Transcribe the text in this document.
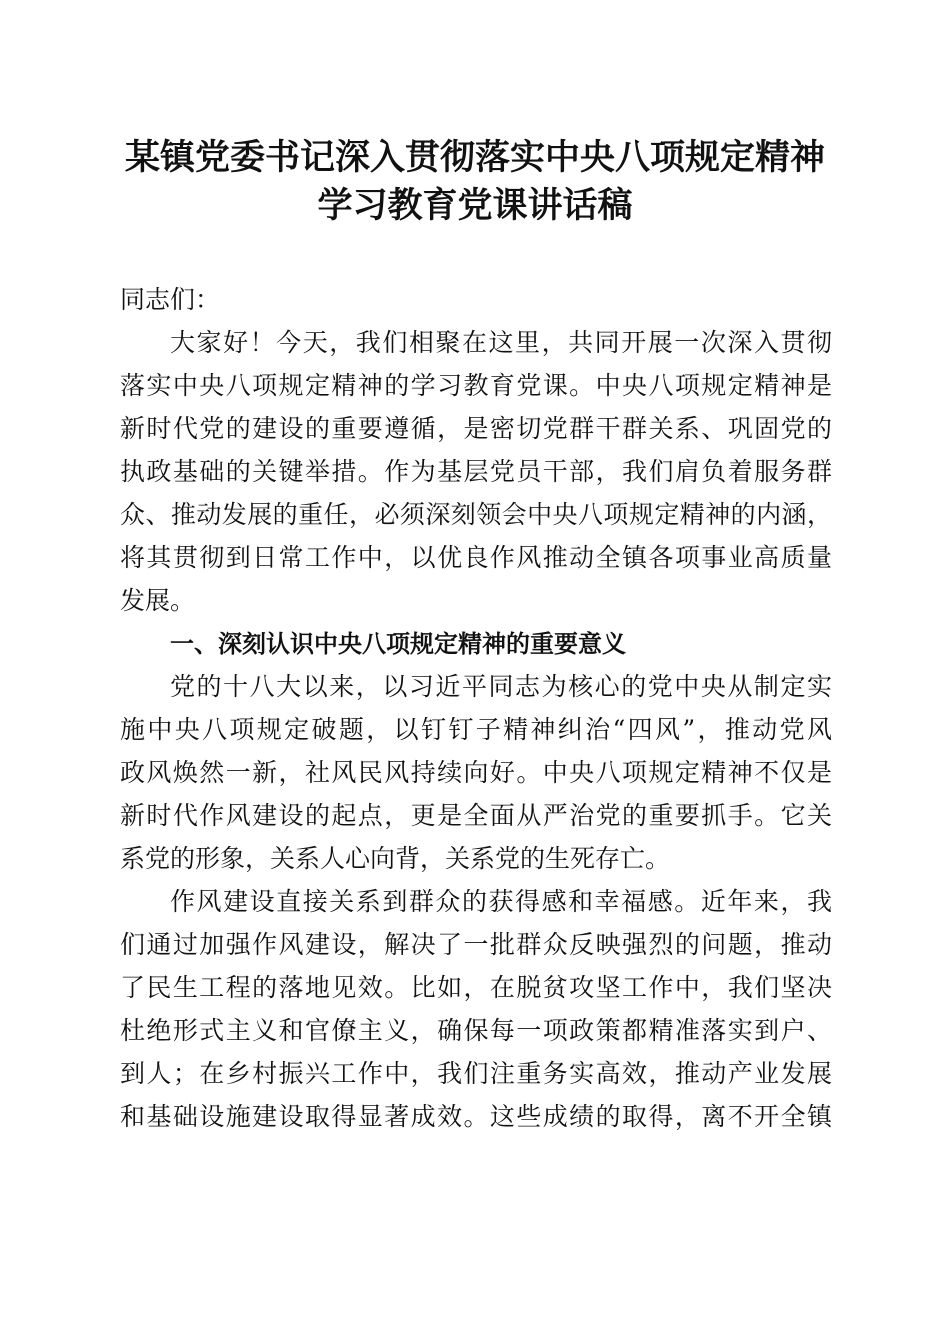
某镇党委书记深入贯彻落实中央八项规定精神
学习教育党课讲话稿
同志们：
大家好！今天，我们相聚在这里，共同开展一次深入贯彻
落实中央八项规定精神的学习教育党课。中央八项规定精神是
新时代党的建设的重要遵循，是密切党群干群关系、巩固党的
执政基础的关键举措。作为基层党员干部，我们肩负着服务群
众、推动发展的重任，必须深刻领会中央八项规定精神的内涵，
将其贯彻到日常工作中，以优良作风推动全镇各项事业高质量
发展。
一、深刻认识中央八项规定精神的重要意义
党的十八大以来，以习近平同志为核心的党中央从制定实
施中央八项规定破题，以钉钉子精神纠治“四风”，推动党风
政风焕然一新，社风民风持续向好。中央八项规定精神不仅是
新时代作风建设的起点，更是全面从严治党的重要抓手。它关
系党的形象，关系人心向背，关系党的生死存亡。
作风建设直接关系到群众的获得感和幸福感。近年来，我
们通过加强作风建设，解决了一批群众反映强烈的问题，推动
了民生工程的落地见效。比如，在脱贫攻坚工作中，我们坚决
杜绝形式主义和官僚主义，确保每一项政策都精准落实到户、
到人；在乡村振兴工作中，我们注重务实高效，推动产业发展
和基础设施建设取得显著成效。这些成绩的取得，离不开全镇
